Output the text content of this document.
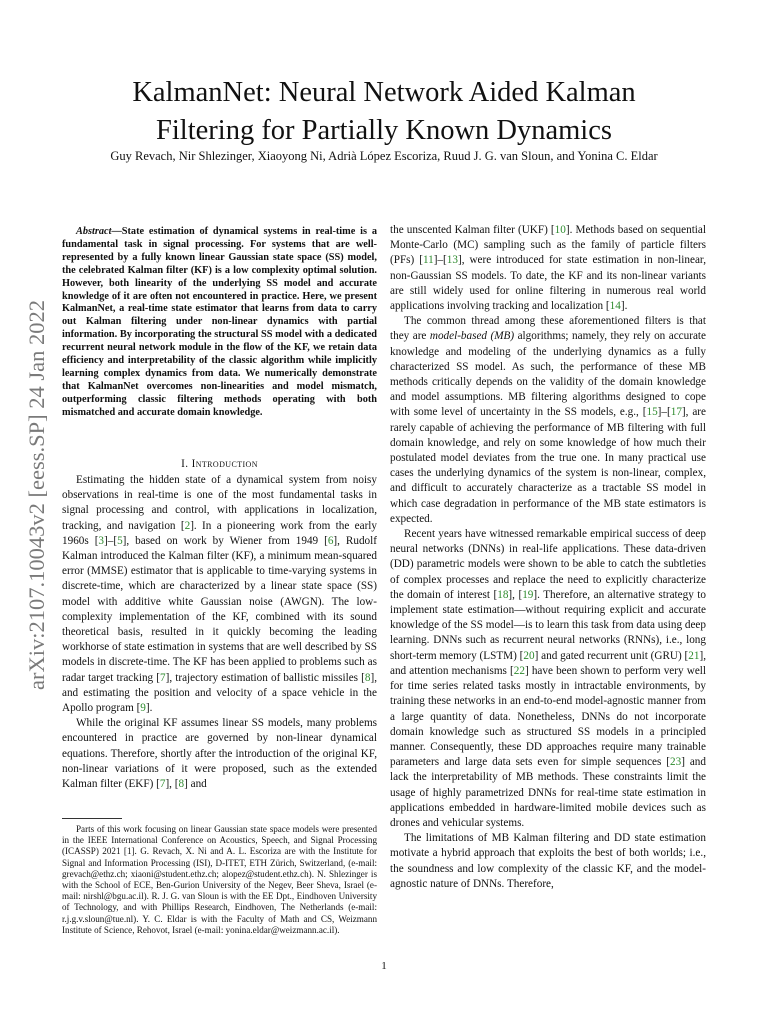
KalmanNet: Neural Network Aided Kalman
Filtering for Partially Known Dynamics
Guy Revach, Nir Shlezinger, Xiaoyong Ni, Adrià López Escoriza, Ruud J. G. van Sloun, and Yonina C. Eldar
arXiv:2107.10043v2 [eess.SP] 24 Jan 2022

Abstract—State estimation of dynamical systems in real-time is a fundamental task in signal processing. For systems that are well-represented by a fully known linear Gaussian state space (SS) model, the celebrated Kalman filter (KF) is a low complexity optimal solution. However, both linearity of the underlying SS model and accurate knowledge of it are often not encountered in practice. Here, we present KalmanNet, a real-time state estimator that learns from data to carry out Kalman filtering under non-linear dynamics with partial information. By incorporating the structural SS model with a dedicated recurrent neural network module in the flow of the KF, we retain data efficiency and interpretability of the classic algorithm while implicitly learning complex dynamics from data. We numerically demonstrate that KalmanNet overcomes non-linearities and model mismatch, outperforming classic filtering methods operating with both mismatched and accurate domain knowledge.

I. Introduction

Estimating the hidden state of a dynamical system from noisy observations in real-time is one of the most fundamental tasks in signal processing and control, with applications in localization, tracking, and navigation [2]. In a pioneering work from the early 1960s [3]–[5], based on work by Wiener from 1949 [6], Rudolf Kalman introduced the Kalman filter (KF), a minimum mean-squared error (MMSE) estimator that is applicable to time-varying systems in discrete-time, which are characterized by a linear state space (SS) model with additive white Gaussian noise (AWGN). The low-complexity implementation of the KF, combined with its sound theoretical basis, resulted in it quickly becoming the leading workhorse of state estimation in systems that are well described by SS models in discrete-time. The KF has been applied to problems such as radar target tracking [7], trajectory estimation of ballistic missiles [8], and estimating the position and velocity of a space vehicle in the Apollo program [9].

While the original KF assumes linear SS models, many problems encountered in practice are governed by non-linear dynamical equations. Therefore, shortly after the introduction of the original KF, non-linear variations of it were proposed, such as the extended Kalman filter (EKF) [7], [8] and

Parts of this work focusing on linear Gaussian state space models were presented in the IEEE International Conference on Acoustics, Speech, and Signal Processing (ICASSP) 2021 [1]. G. Revach, X. Ni and A. L. Escoriza are with the Institute for Signal and Information Processing (ISI), D-ITET, ETH Zürich, Switzerland, (e-mail: grevach@ethz.ch; xiaoni@student.ethz.ch; alopez@student.ethz.ch). N. Shlezinger is with the School of ECE, Ben-Gurion University of the Negev, Beer Sheva, Israel (e-mail: nirshl@bgu.ac.il). R. J. G. van Sloun is with the EE Dpt., Eindhoven University of Technology, and with Phillips Research, Eindhoven, The Netherlands (e-mail: r.j.g.v.sloun@tue.nl). Y. C. Eldar is with the Faculty of Math and CS, Weizmann Institute of Science, Rehovot, Israel (e-mail: yonina.eldar@weizmann.ac.il).

the unscented Kalman filter (UKF) [10]. Methods based on sequential Monte-Carlo (MC) sampling such as the family of particle filters (PFs) [11]–[13], were introduced for state estimation in non-linear, non-Gaussian SS models. To date, the KF and its non-linear variants are still widely used for online filtering in numerous real world applications involving tracking and localization [14].

The common thread among these aforementioned filters is that they are model-based (MB) algorithms; namely, they rely on accurate knowledge and modeling of the underlying dynamics as a fully characterized SS model. As such, the performance of these MB methods critically depends on the validity of the domain knowledge and model assumptions. MB filtering algorithms designed to cope with some level of uncertainty in the SS models, e.g., [15]–[17], are rarely capable of achieving the performance of MB filtering with full domain knowledge, and rely on some knowledge of how much their postulated model deviates from the true one. In many practical use cases the underlying dynamics of the system is non-linear, complex, and difficult to accurately characterize as a tractable SS model in which case degradation in performance of the MB state estimators is expected.

Recent years have witnessed remarkable empirical success of deep neural networks (DNNs) in real-life applications. These data-driven (DD) parametric models were shown to be able to catch the subtleties of complex processes and replace the need to explicitly characterize the domain of interest [18], [19]. Therefore, an alternative strategy to implement state estimation—without requiring explicit and accurate knowledge of the SS model—is to learn this task from data using deep learning. DNNs such as recurrent neural networks (RNNs), i.e., long short-term memory (LSTM) [20] and gated recurrent unit (GRU) [21], and attention mechanisms [22] have been shown to perform very well for time series related tasks mostly in intractable environments, by training these networks in an end-to-end model-agnostic manner from a large quantity of data. Nonetheless, DNNs do not incorporate domain knowledge such as structured SS models in a principled manner. Consequently, these DD approaches require many trainable parameters and large data sets even for simple sequences [23] and lack the interpretability of MB methods. These constraints limit the usage of highly parametrized DNNs for real-time state estimation in applications embedded in hardware-limited mobile devices such as drones and vehicular systems.

The limitations of MB Kalman filtering and DD state estimation motivate a hybrid approach that exploits the best of both worlds; i.e., the soundness and low complexity of the classic KF, and the model-agnostic nature of DNNs. Therefore,

1
